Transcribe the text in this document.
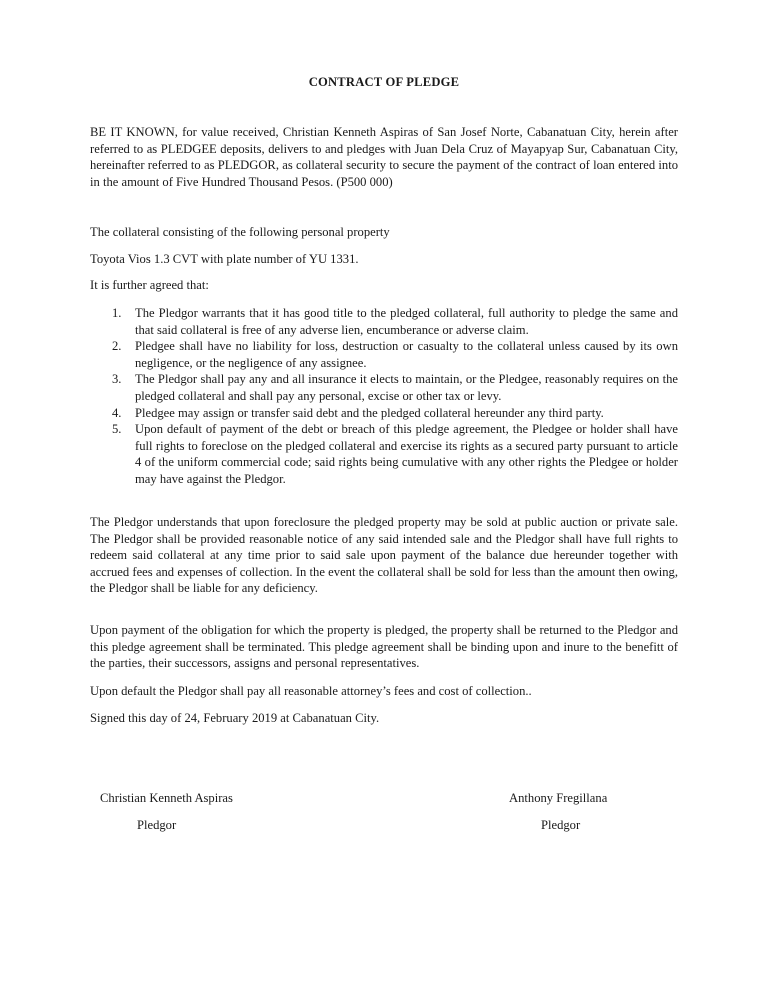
CONTRACT OF PLEDGE

BE IT KNOWN, for value received, Christian Kenneth Aspiras of San Josef Norte, Cabanatuan City, herein after referred to as PLEDGEE deposits, delivers to and pledges with Juan Dela Cruz of Mayapyap Sur, Cabanatuan City, hereinafter referred to as PLEDGOR, as collateral security to secure the payment of the contract of loan entered into in the amount of Five Hundred Thousand Pesos. (P500 000)

The collateral consisting of the following personal property

Toyota Vios 1.3 CVT with plate number of YU 1331.

It is further agreed that:

1. The Pledgor warrants that it has good title to the pledged collateral, full authority to pledge the same and that said collateral is free of any adverse lien, encumberance or adverse claim.
2. Pledgee shall have no liability for loss, destruction or casualty to the collateral unless caused by its own negligence, or the negligence of any assignee.
3. The Pledgor shall pay any and all insurance it elects to maintain, or the Pledgee, reasonably requires on the pledged collateral and shall pay any personal, excise or other tax or levy.
4. Pledgee may assign or transfer said debt and the pledged collateral hereunder any third party.
5. Upon default of payment of the debt or breach of this pledge agreement, the Pledgee or holder shall have full rights to foreclose on the pledged collateral and exercise its rights as a secured party pursuant to article 4 of the uniform commercial code; said rights being cumulative with any other rights the Pledgee or holder may have against the Pledgor.

The Pledgor understands that upon foreclosure the pledged property may be sold at public auction or private sale. The Pledgor shall be provided reasonable notice of any said intended sale and the Pledgor shall have full rights to redeem said collateral at any time prior to said sale upon payment of the balance due hereunder together with accrued fees and expenses of collection. In the event the collateral shall be sold for less than the amount then owing, the Pledgor shall be liable for any deficiency.

Upon payment of the obligation for which the property is pledged, the property shall be returned to the Pledgor and this pledge agreement shall be terminated. This pledge agreement shall be binding upon and inure to the benefitt of the parties, their successors, assigns and personal representatives.

Upon default the Pledgor shall pay all reasonable attorney’s fees and cost of collection..

Signed this day of 24, February 2019 at Cabanatuan City.

Christian Kenneth Aspiras
Pledgor
Anthony Fregillana
Pledgor
